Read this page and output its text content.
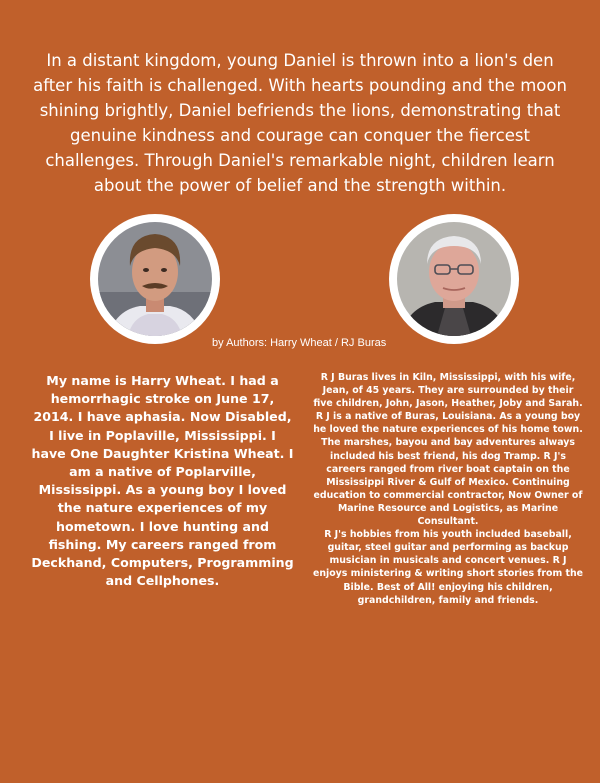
In a distant kingdom, young Daniel is thrown into a lion's den after his faith is challenged. With hearts pounding and the moon shining brightly, Daniel befriends the lions, demonstrating that genuine kindness and courage can conquer the fiercest challenges. Through Daniel's remarkable night, children learn about the power of belief and the strength within.

by Authors: Harry Wheat / RJ Buras

My name is Harry Wheat. I had a hemorrhagic stroke on June 17, 2014. I have aphasia. Now Disabled, I live in Poplaville, Mississippi. I have One Daughter Kristina Wheat. I am a native of Poplarville, Mississippi. As a young boy I loved the nature experiences of my hometown. I love hunting and fishing. My careers ranged from Deckhand, Computers, Programming and Cellphones.

R J Buras lives in Kiln, Mississippi, with his wife, Jean, of 45 years. They are surrounded by their five children, John, Jason, Heather, Joby and Sarah. R J is a native of Buras, Louisiana. As a young boy he loved the nature experiences of his home town. The marshes, bayou and bay adventures always included his best friend, his dog Tramp. R J's careers ranged from river boat captain on the Mississippi River & Gulf of Mexico. Continuing education to commercial contractor, Now Owner of Marine Resource and Logistics, as Marine Consultant.

R J's hobbies from his youth included baseball, guitar, steel guitar and performing as backup musician in musicals and concert venues. R J enjoys ministering & writing short stories from the Bible. Best of All! enjoying his children, grandchildren, family and friends.
